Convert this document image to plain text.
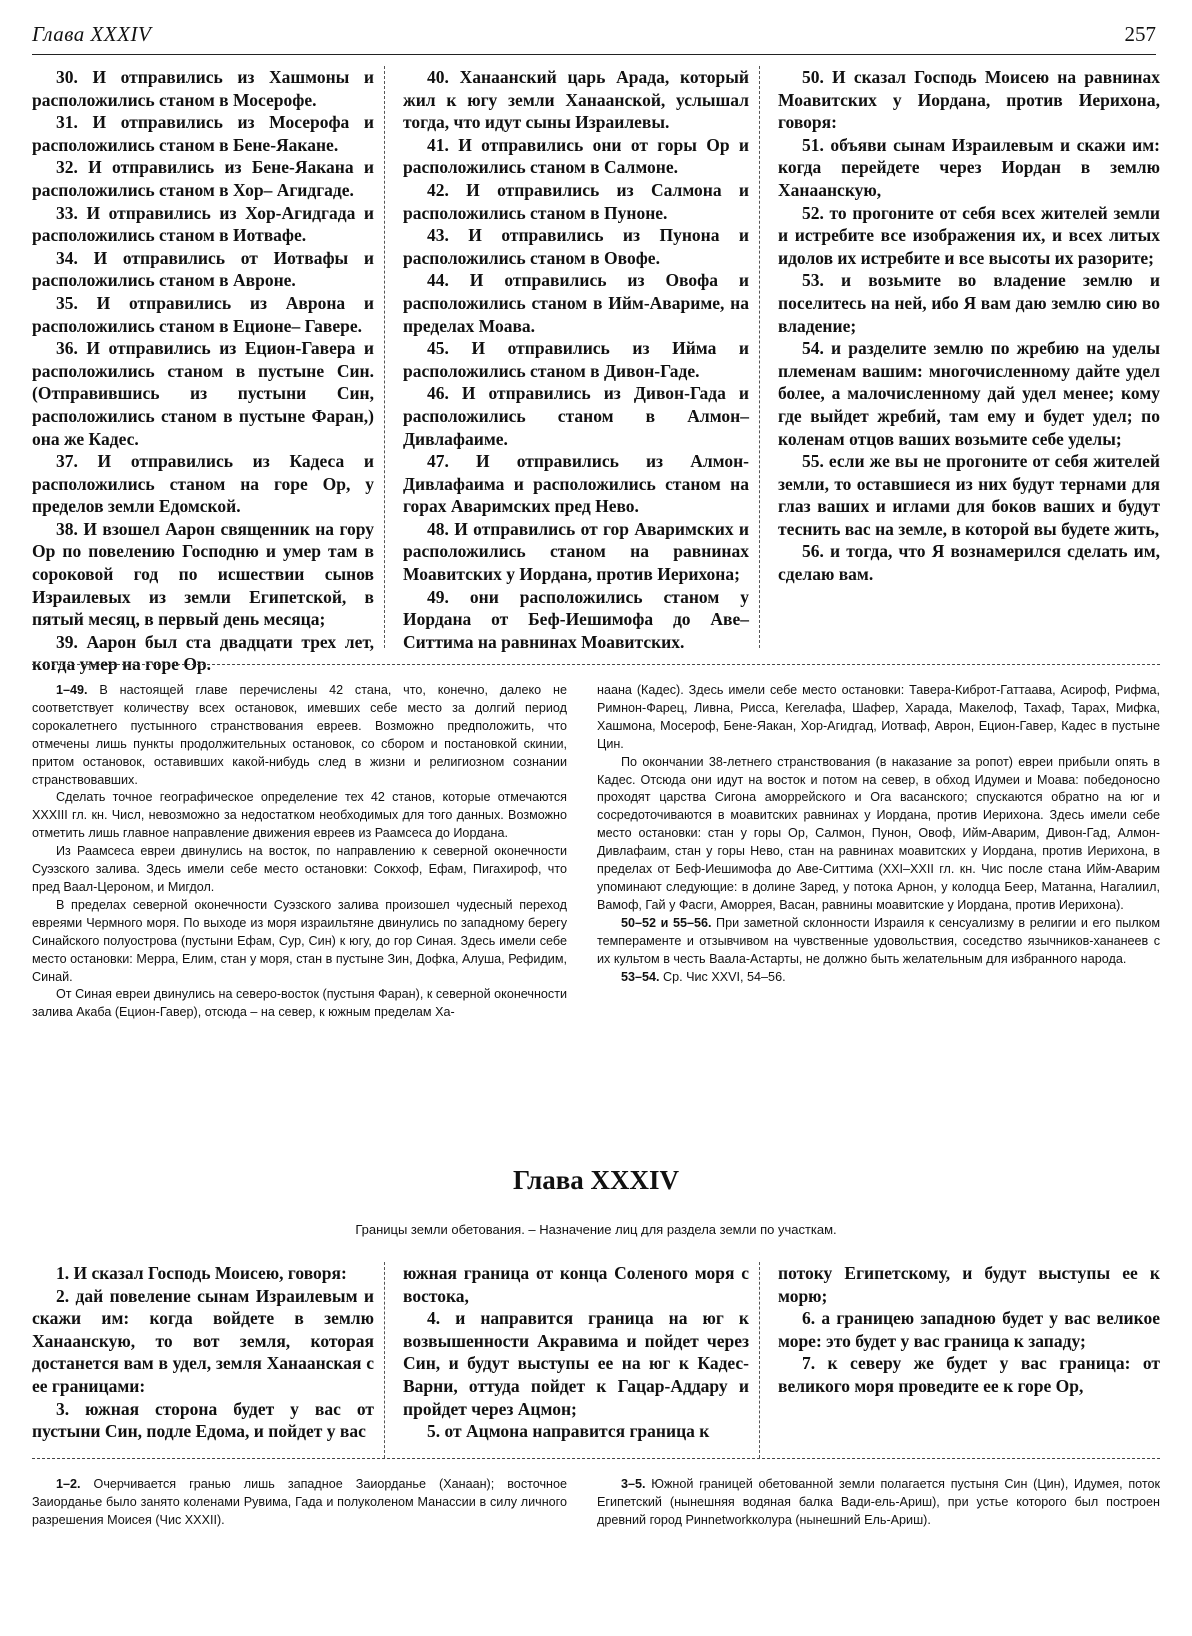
Глава XXXIV	257

30. И отправились из Хашмоны и расположились станом в Мосерофе.

31. И отправились из Мосерофа и расположились станом в Бене-Яакане.

32. И отправились из Бене-Яакана и расположились станом в Хор– Агидгаде.

33. И отправились из Хор-Агидгада и расположились станом в Иотвафе.

34. И отправились от Иотвафы и расположились станом в Авроне.

35. И отправились из Аврона и расположились станом в Еционе– Гавере.

36. И отправились из Ецион-Гавера и расположились станом в пустыне Син. (Отправившись из пустыни Син, расположились станом в пустыне Фаран,) она же Кадес.

37. И отправились из Кадеса и расположились станом на горе Ор, у пределов земли Едомской.

38. И взошел Аарон священник на гору Ор по повелению Господню и умер там в сороковой год по исшествии сынов Израилевых из земли Египетской, в пятый месяц, в первый день месяца;

39. Аарон был ста двадцати трех лет, когда умер на горе Ор.

40. Ханаанский царь Арада, который жил к югу земли Ханаанской, услышал тогда, что идут сыны Израилевы.

41. И отправились они от горы Ор и расположились станом в Салмоне.

42. И отправились из Салмона и расположились станом в Пуноне.

43. И отправились из Пунона и расположились станом в Овофе.

44. И отправились из Овофа и расположились станом в Ийм-Авариме, на пределах Моава.

45. И отправились из Ийма и расположились станом в Дивон-Гаде.

46. И отправились из Дивон-Гада и расположились станом в Алмон– Дивлафаиме.

47. И отправились из Алмон-Дивлафаима и расположились станом на горах Аваримских пред Нево.

48. И отправились от гор Аваримских и расположились станом на равнинах Моавитских у Иордана, против Иерихона;

49. они расположились станом у Иордана от Беф-Иешимофа до Аве– Ситтима на равнинах Моавитских.

50. И сказал Господь Моисею на равнинах Моавитских у Иордана, против Иерихона, говоря:

51. объяви сынам Израилевым и скажи им: когда перейдете через Иордан в землю Ханаанскую,

52. то прогоните от себя всех жителей земли и истребите все изображения их, и всех литых идолов их истребите и все высоты их разорите;

53. и возьмите во владение землю и поселитесь на ней, ибо Я вам даю землю сию во владение;

54. и разделите землю по жребию на уделы племенам вашим: многочисленному дайте удел более, а малочисленному дай удел менее; кому где выйдет жребий, там ему и будет удел; по коленам отцов ваших возьмите себе уделы;

55. если же вы не прогоните от себя жителей земли, то оставшиеся из них будут тернами для глаз ваших и иглами для боков ваших и будут теснить вас на земле, в которой вы будете жить,

56. и тогда, что Я вознамерился сделать им, сделаю вам.

1–49. В настоящей главе перечислены 42 стана, что, конечно, далеко не соответствует количеству всех остановок, имевших себе место за долгий период сорокалетнего пустынного странствования евреев. Возможно предположить, что отмечены лишь пункты продолжительных остановок, со сбором и постановкой скинии, притом остановок, оставивших какой-нибудь след в жизни и религиозном сознании странствовавших.

Сделать точное географическое определение тех 42 станов, которые отмечаются XXXIII гл. кн. Числ, невозможно за недостатком необходимых для того данных. Возможно отметить лишь главное направление движения евреев из Раамсеса до Иордана.

Из Раамсеса евреи двинулись на восток, по направлению к северной оконечности Суэзского залива. Здесь имели себе место остановки: Сокхоф, Ефам, Пигахироф, что пред Ваал-Цероном, и Мигдол.

В пределах северной оконечности Суэзского залива произошел чудесный переход евреями Чермного моря. По выходе из моря израильтяне двинулись по западному берегу Синайского полуострова (пустыни Ефам, Сур, Син) к югу, до гор Синая. Здесь имели себе место остановки: Мерра, Елим, стан у моря, стан в пустыне Зин, Дофка, Алуша, Рефидим, Синай.

От Синая евреи двинулись на северо-восток (пустыня Фаран), к северной оконечности залива Акаба (Ецион-Гавер), отсюда – на север, к южным пределам Ха-

наана (Кадес). Здесь имели себе место остановки: Тавера-Киброт-Гаттаава, Асироф, Рифма, Римнон-Фарец, Ливна, Рисса, Кегелафа, Шафер, Харада, Макелоф, Тахаф, Тарах, Мифка, Хашмона, Мосероф, Бене-Яакан, Хор-Агидгад, Иотваф, Аврон, Ецион-Гавер, Кадес в пустыне Цин.

По окончании 38-летнего странствования (в наказание за ропот) евреи прибыли опять в Кадес. Отсюда они идут на восток и потом на север, в обход Идумеи и Моава: победоносно проходят царства Сигона аморрейского и Ога васанского; спускаются обратно на юг и сосредоточиваются в моавитских равнинах у Иордана, против Иерихона. Здесь имели себе место остановки: стан у горы Ор, Салмон, Пунон, Овоф, Ийм-Аварим, Дивон-Гад, Алмон-Дивлафаим, стан у горы Нево, стан на равнинах моавитских у Иордана, против Иерихона, в пределах от Беф-Иешимофа до Аве-Ситтима (XXI–XXII гл. кн. Чис после стана Ийм-Аварим упоминают следующие: в долине Заред, у потока Арнон, у колодца Беер, Матанна, Нагалиил, Вамоф, Гай у Фасги, Аморрея, Васан, равнины моавитские у Иордана, против Иерихона).

50–52 и 55–56. При заметной склонности Израиля к сенсуализму в религии и его пылком темпераменте и отзывчивом на чувственные удовольствия, соседство язычников-хананеев с их культом в честь Ваала-Астарты, не должно быть желательным для избранного народа.

53–54. Ср. Чис XXVI, 54–56.

Глава XXXIV
Границы земли обетования. – Назначение лиц для раздела земли по участкам.

1. И сказал Господь Моисею, говоря:

2. дай повеление сынам Израилевым и скажи им: когда войдете в землю Ханаанскую, то вот земля, которая достанется вам в удел, земля Ханаанская с ее границами:

3. южная сторона будет у вас от пустыни Син, подле Едома, и пойдет у вас

южная граница от конца Соленого моря с востока,

4. и направится граница на юг к возвышенности Акравима и пойдет через Син, и будут выступы ее на юг к Кадес-Варни, оттуда пойдет к Гацар-Аддару и пройдет через Ацмон;

5. от Ацмона направится граница к

потоку Египетскому, и будут выступы ее к морю;

6. а границею западною будет у вас великое море: это будет у вас граница к западу;

7. к северу же будет у вас граница: от великого моря проведите ее к горе Ор,

1–2. Очерчивается гранью лишь западное Заиорданье (Ханаан); восточное Заиорданье было занято коленами Рувима, Гада и полуколеном Манассии в силу личного разрешения Моисея (Чис XXXII).

3–5. Южной границей обетованной земли полагается пустыня Син (Цин), Идумея, поток Египетский (нынешняя водяная балка Вади-ель-Ариш), при устье которого был построен древний город Ринnetworkколура (нынешний Ель-Ариш).
